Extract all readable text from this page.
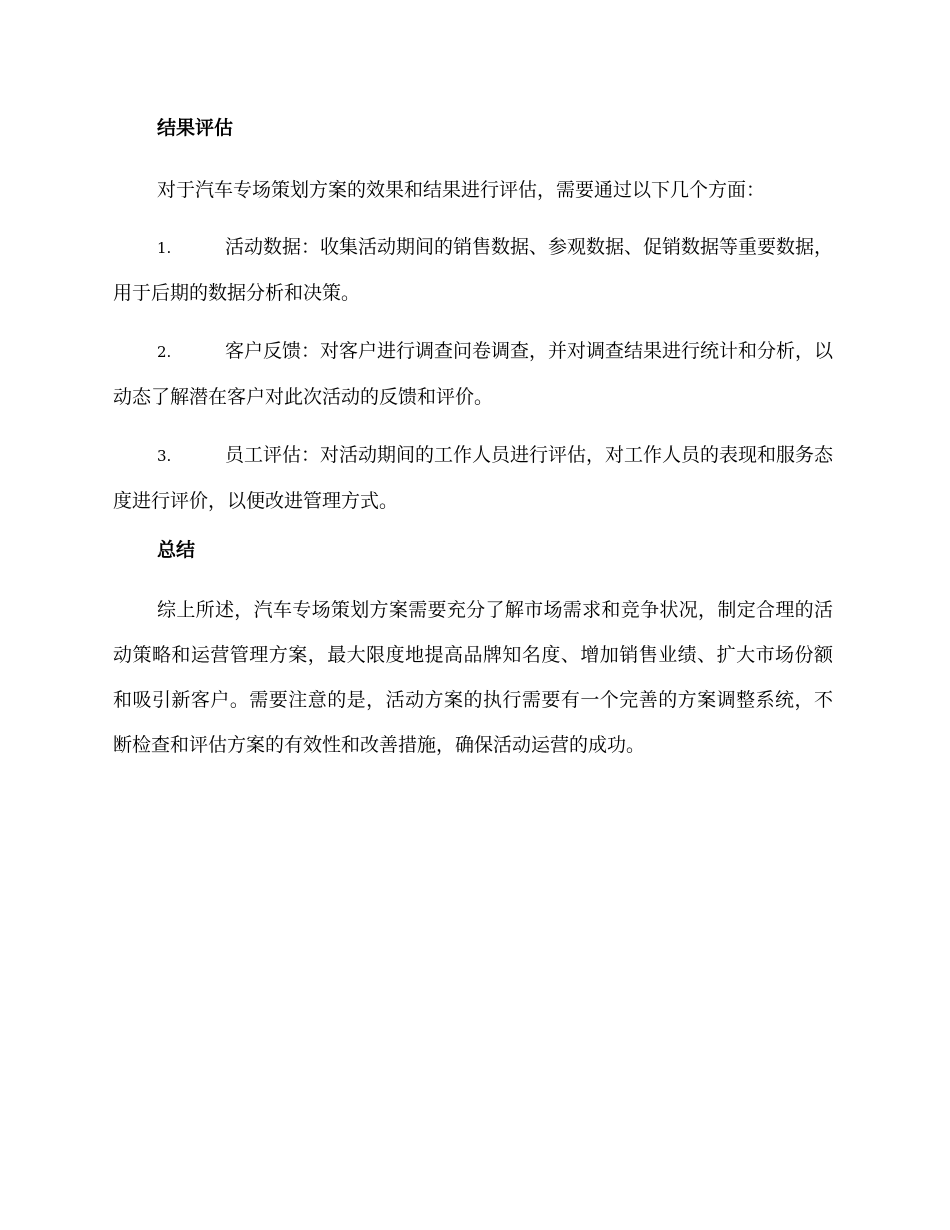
结果评估

对于汽车专场策划方案的效果和结果进行评估，需要通过以下几个方面：

1.	活动数据：收集活动期间的销售数据、参观数据、促销数据等重要数据，用于后期的数据分析和决策。
2.	客户反馈：对客户进行调查问卷调查，并对调查结果进行统计和分析，以动态了解潜在客户对此次活动的反馈和评价。
3.	员工评估：对活动期间的工作人员进行评估，对工作人员的表现和服务态度进行评价，以便改进管理方式。
总结

综上所述，汽车专场策划方案需要充分了解市场需求和竞争状况，制定合理的活动策略和运营管理方案，最大限度地提高品牌知名度、增加销售业绩、扩大市场份额和吸引新客户。需要注意的是，活动方案的执行需要有一个完善的方案调整系统，不断检查和评估方案的有效性和改善措施，确保活动运营的成功。
